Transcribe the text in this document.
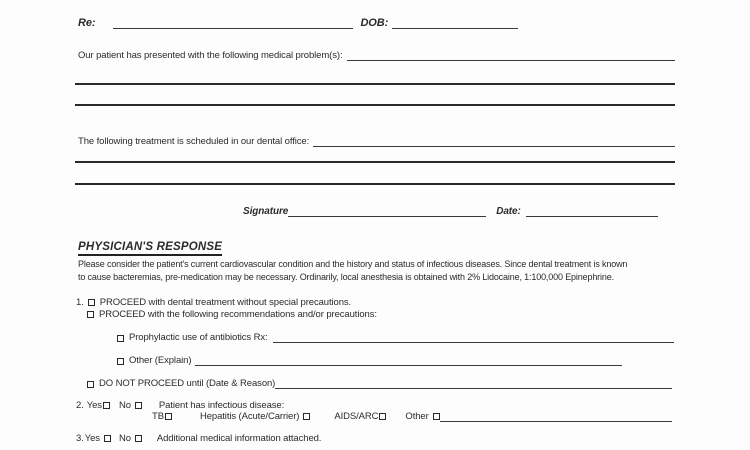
Re:	DOB:
Our patient has presented with the following medical problem(s):
The following treatment is scheduled in our dental office:
Signature	Date:
PHYSICIAN'S RESPONSE
Please consider the patient's current cardiovascular condition and the history and status of infectious diseases. Since dental treatment is known
to cause bacteremias, pre-medication may be necessary. Ordinarily, local anesthesia is obtained with 2% Lidocaine, 1:100,000 Epinephrine.
1. PROCEED with dental treatment without special precautions.
PROCEED with the following recommendations and/or precautions:
Prophylactic use of antibiotics Rx:
Other (Explain)
DO NOT PROCEED until (Date & Reason)
2. Yes No	Patient has infectious disease:
TB	Hepatitis (Acute/Carrier)	AIDS/ARC	Other
3. Yes No	Additional medical information attached.
